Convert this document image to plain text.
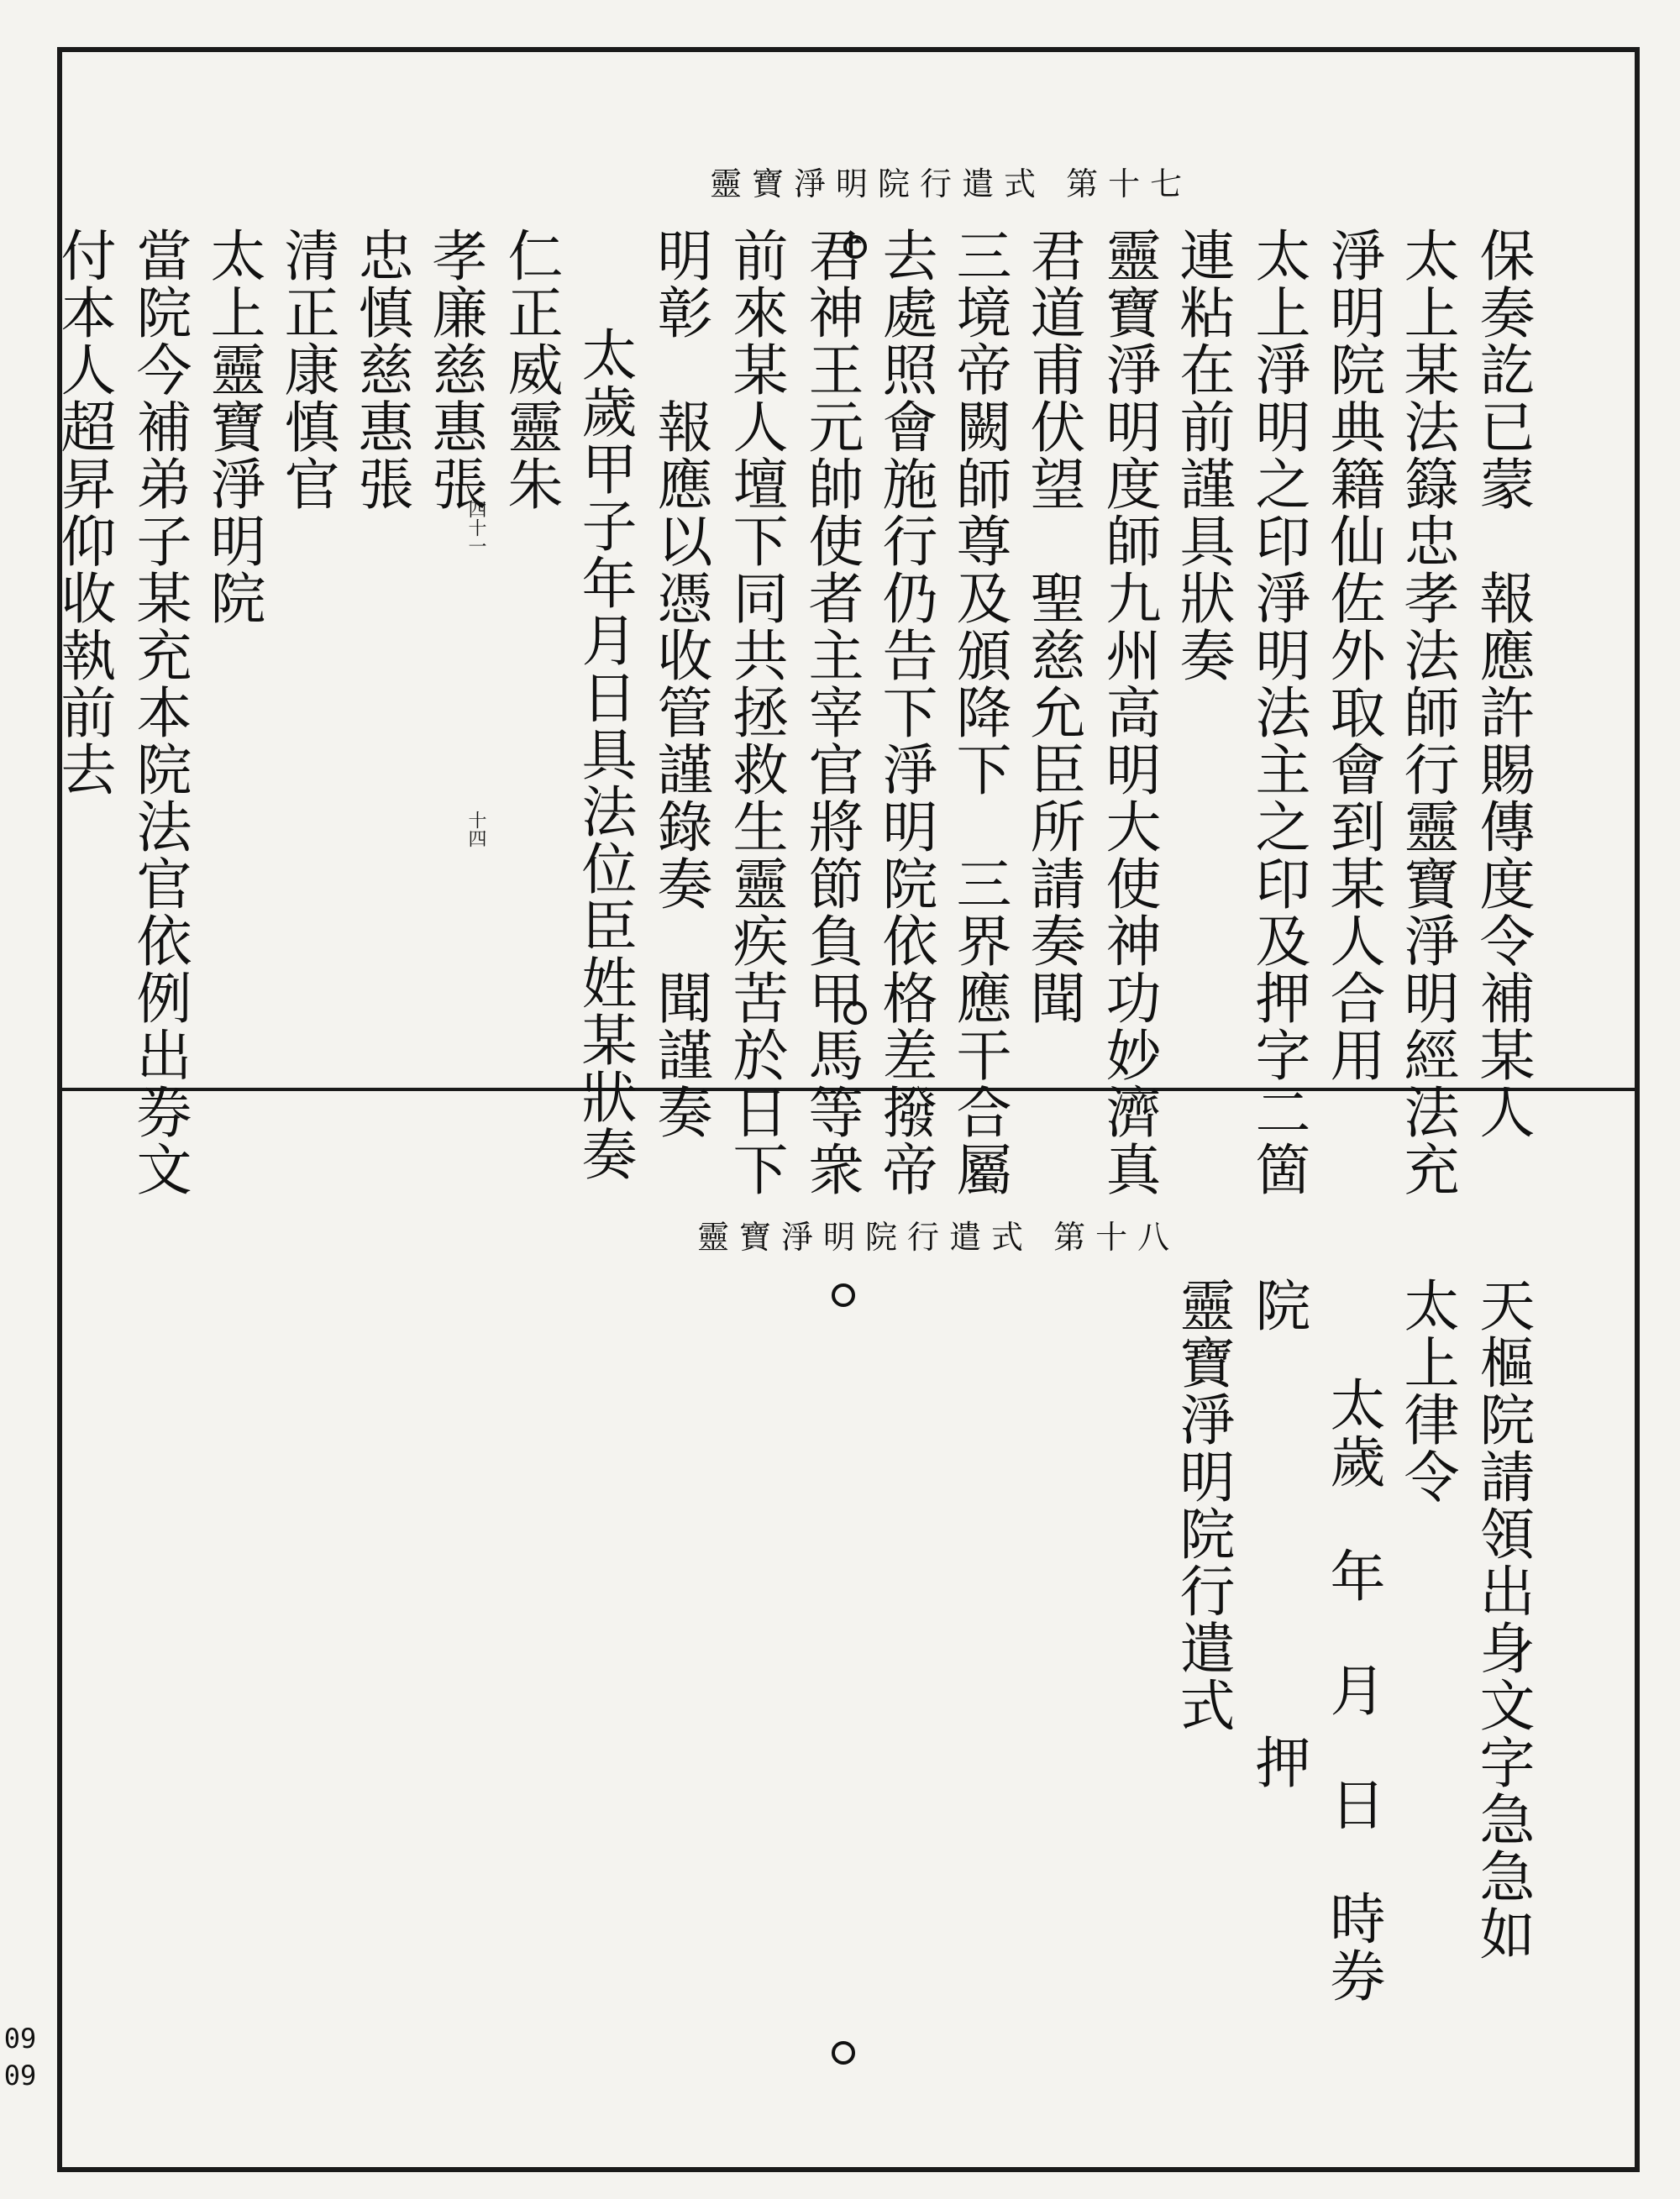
靈寶淨明院行遣式 第十七
保奏訖已蒙　報應許賜傳度令補某人
太上某法籙忠孝法師行靈寶淨明經法充
淨明院典籍仙佐外取會到某人合用
太上淨明之印淨明法主之印及押字二箇
連粘在前謹具狀奏
靈寶淨明度師九州高明大使神功妙濟真
君道甫伏望　聖慈允臣所請奏聞
三境帝闕師尊及頒降下　三界應干合屬
去處照會施行仍告下淨明院依格差撥帝
君神王元帥使者主宰官將節負甲馬等衆
前來某人壇下同共拯救生靈疾苦於日下
明彰　報應以憑收管謹錄奏　聞謹奏
　太歲甲子年月日具法位臣姓某狀奏
仁正威靈朱
孝廉慈惠張
忠慎慈惠張
清正康慎官
太上靈寶淨明院
當院今補弟子某充本院法官依例出券文
付本人超昇仰收執前去	四十一
十四
靈寶淨明院行遣式 第十八
天樞院請領出身文字急急如
太上律令
　太歲　年　月　日　時券
院　　　　　　　押
靈寶淨明院行遣式
0909
